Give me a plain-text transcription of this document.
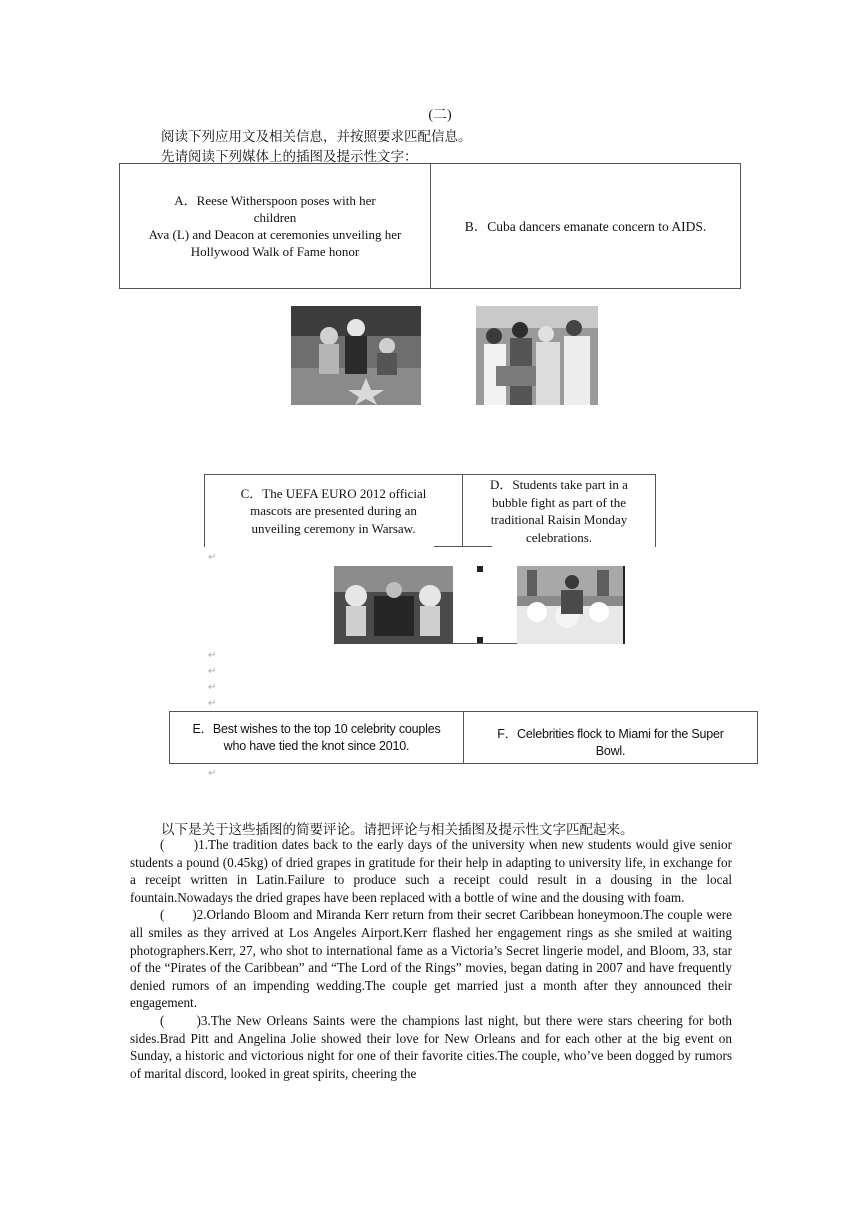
(二)
阅读下列应用文及相关信息，并按照要求匹配信息。
先请阅读下列媒体上的插图及提示性文字：
A．Reese Witherspoon poses with her
children
Ava (L) and Deacon at ceremonies unveiling her
Hollywood Walk of Fame honor
B．Cuba dancers emanate concern to AIDS.
C．The UEFA EURO 2012 official
mascots are presented during an
unveiling ceremony in Warsaw.
D．Students take part in a
bubble fight as part of the
traditional Raisin Monday
celebrations.
↵
↵
↵
↵
↵
↵
E．Best wishes to the top 10 celebrity couples
who have tied the knot since 2010.
F．Celebrities flock to Miami for the Super
Bowl.
以下是关于这些插图的简要评论。请把评论与相关插图及提示性文字匹配起来。

(　　)1.The tradition dates back to the early days of the university when new students would give senior students a pound (0.45kg) of dried grapes in gratitude for their help in adapting to university life, in exchange for a receipt written in Latin.Failure to produce such a receipt could result in a dousing in the local fountain.Nowadays the dried grapes have been replaced with a bottle of wine and the dousing with foam.

(　　)2.Orlando Bloom and Miranda Kerr return from their secret Caribbean honeymoon.The couple were all smiles as they arrived at Los Angeles Airport.Kerr flashed her engagement rings as she smiled at waiting photographers.Kerr, 27, who shot to international fame as a Victoria’s Secret lingerie model, and Bloom, 33, star of the “Pirates of the Caribbean” and “The Lord of the Rings” movies, began dating in 2007 and have frequently denied rumors of an impending wedding.The couple get married just a month after they announced their engagement.

(　　)3.The New Orleans Saints were the champions last night, but there were stars cheering for both sides.Brad Pitt and Angelina Jolie showed their love for New Orleans and for each other at the big event on Sunday, a historic and victorious night for one of their favorite cities.The couple, who’ve been dogged by rumors of marital discord, looked in great spirits, cheering the
